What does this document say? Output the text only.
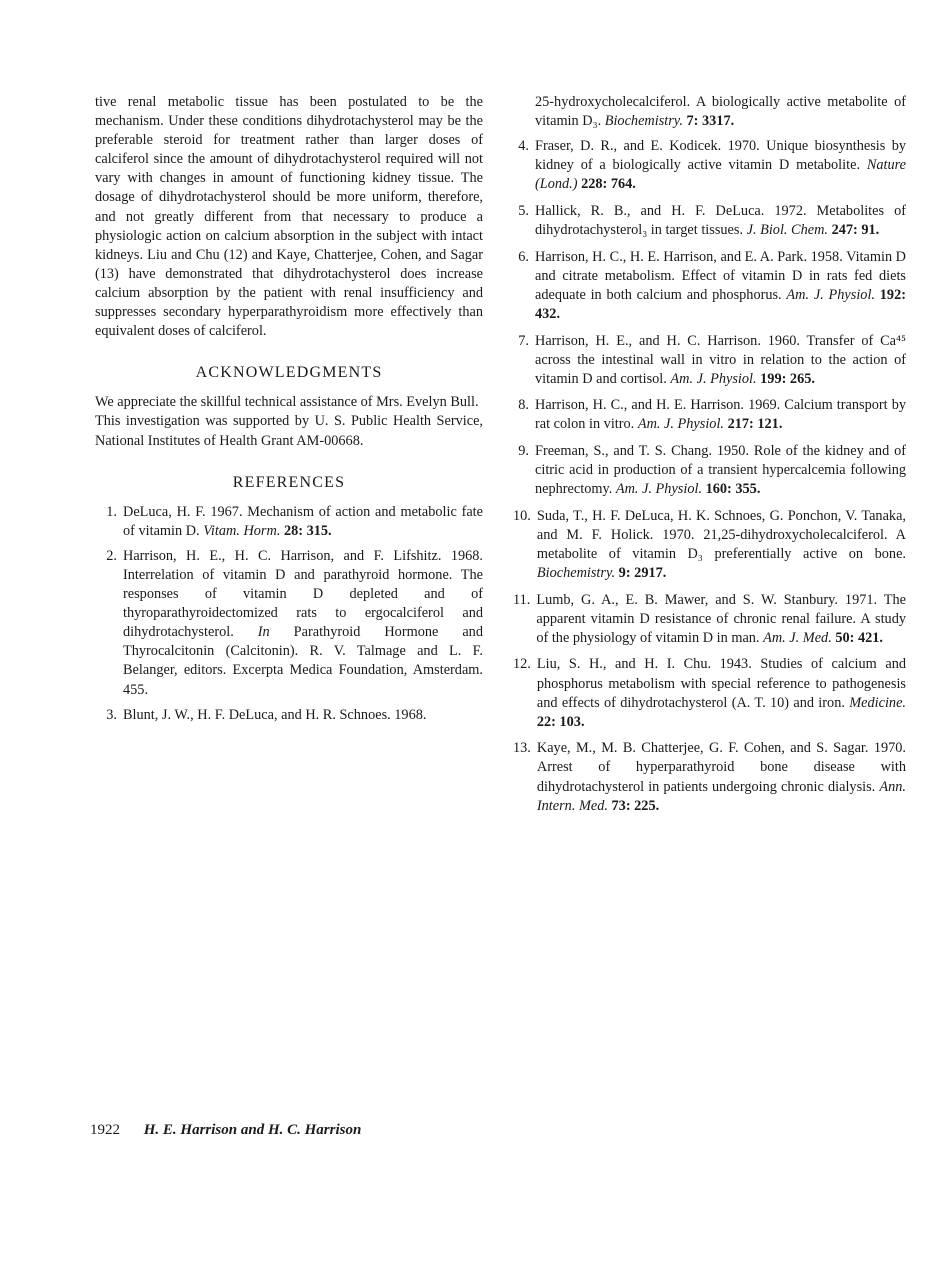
tive renal metabolic tissue has been postulated to be the mechanism. Under these conditions dihydrotachysterol may be the preferable steroid for treatment rather than larger doses of calciferol since the amount of dihydrotachysterol required will not vary with changes in amount of functioning kidney tissue. The dosage of dihydrotachysterol should be more uniform, therefore, and not greatly different from that necessary to produce a physiologic action on calcium absorption in the subject with intact kidneys. Liu and Chu (12) and Kaye, Chatterjee, Cohen, and Sagar (13) have demonstrated that dihydrotachysterol does increase calcium absorption by the patient with renal insufficiency and suppresses secondary hyperparathyroidism more effectively than equivalent doses of calciferol.

ACKNOWLEDGMENTS

We appreciate the skillful technical assistance of Mrs. Evelyn Bull.

This investigation was supported by U. S. Public Health Service, National Institutes of Health Grant AM-00668.

REFERENCES
1. DeLuca, H. F. 1967. Mechanism of action and metabolic fate of vitamin D. Vitam. Horm. 28: 315.
2. Harrison, H. E., H. C. Harrison, and F. Lifshitz. 1968. Interrelation of vitamin D and parathyroid hormone. The responses of vitamin D depleted and of thyroparathyroidectomized rats to ergocalciferol and dihydrotachysterol. In Parathyroid Hormone and Thyrocalcitonin (Calcitonin). R. V. Talmage and L. F. Belanger, editors. Excerpta Medica Foundation, Amsterdam. 455.
3. Blunt, J. W., H. F. DeLuca, and H. R. Schnoes. 1968.

25-hydroxycholecalciferol. A biologically active metabolite of vitamin D₃. Biochemistry. 7: 3317.

4. Fraser, D. R., and E. Kodicek. 1970. Unique biosynthesis by kidney of a biologically active vitamin D metabolite. Nature (Lond.) 228: 764.
5. Hallick, R. B., and H. F. DeLuca. 1972. Metabolites of dihydrotachysterol₃ in target tissues. J. Biol. Chem. 247: 91.
6. Harrison, H. C., H. E. Harrison, and E. A. Park. 1958. Vitamin D and citrate metabolism. Effect of vitamin D in rats fed diets adequate in both calcium and phosphorus. Am. J. Physiol. 192: 432.
7. Harrison, H. E., and H. C. Harrison. 1960. Transfer of Ca⁴⁵ across the intestinal wall in vitro in relation to the action of vitamin D and cortisol. Am. J. Physiol. 199: 265.
8. Harrison, H. C., and H. E. Harrison. 1969. Calcium transport by rat colon in vitro. Am. J. Physiol. 217: 121.
9. Freeman, S., and T. S. Chang. 1950. Role of the kidney and of citric acid in production of a transient hypercalcemia following nephrectomy. Am. J. Physiol. 160: 355.
10. Suda, T., H. F. DeLuca, H. K. Schnoes, G. Ponchon, V. Tanaka, and M. F. Holick. 1970. 21,25-dihydroxycholecalciferol. A metabolite of vitamin D₃ preferentially active on bone. Biochemistry. 9: 2917.
11. Lumb, G. A., E. B. Mawer, and S. W. Stanbury. 1971. The apparent vitamin D resistance of chronic renal failure. A study of the physiology of vitamin D in man. Am. J. Med. 50: 421.
12. Liu, S. H., and H. I. Chu. 1943. Studies of calcium and phosphorus metabolism with special reference to pathogenesis and effects of dihydrotachysterol (A. T. 10) and iron. Medicine. 22: 103.
13. Kaye, M., M. B. Chatterjee, G. F. Cohen, and S. Sagar. 1970. Arrest of hyperparathyroid bone disease with dihydrotachysterol in patients undergoing chronic dialysis. Ann. Intern. Med. 73: 225.
1922 H. E. Harrison and H. C. Harrison
